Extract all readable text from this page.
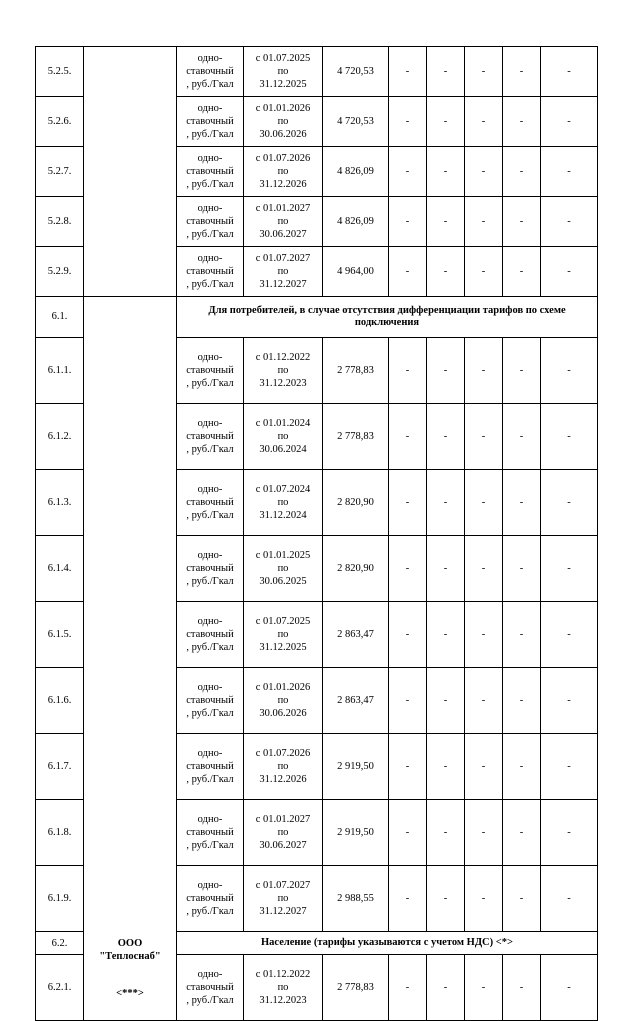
5.2.5.		одно-
ставочный
, руб./Гкал	с 01.07.2025
по
31.12.2025	4 720,53	-	-	-	-	-
5.2.6.		одно-
ставочный
, руб./Гкал	с 01.01.2026
по
30.06.2026	4 720,53	-	-	-	-	-
5.2.7.		одно-
ставочный
, руб./Гкал	с 01.07.2026
по
31.12.2026	4 826,09	-	-	-	-	-
5.2.8.		одно-
ставочный
, руб./Гкал	с 01.01.2027
по
30.06.2027	4 826,09	-	-	-	-	-
5.2.9.		одно-
ставочный
, руб./Гкал	с 01.07.2027
по
31.12.2027	4 964,00	-	-	-	-	-
6.1.	ООО
"Теплоснаб"
<***>	Для потребителей, в случае отсутствия дифференциации тарифов по схеме подключения							
6.1.1.		одно-
ставочный
, руб./Гкал	с 01.12.2022
по
31.12.2023	2 778,83	-	-	-	-	-
6.1.2.		одно-
ставочный
, руб./Гкал	с 01.01.2024
по
30.06.2024	2 778,83	-	-	-	-	-
6.1.3.		одно-
ставочный
, руб./Гкал	с 01.07.2024
по
31.12.2024	2 820,90	-	-	-	-	-
6.1.4.		одно-
ставочный
, руб./Гкал	с 01.01.2025
по
30.06.2025	2 820,90	-	-	-	-	-
6.1.5.		одно-
ставочный
, руб./Гкал	с 01.07.2025
по
31.12.2025	2 863,47	-	-	-	-	-
6.1.6.		одно-
ставочный
, руб./Гкал	с 01.01.2026
по
30.06.2026	2 863,47	-	-	-	-	-
6.1.7.		одно-
ставочный
, руб./Гкал	с 01.07.2026
по
31.12.2026	2 919,50	-	-	-	-	-
6.1.8.		одно-
ставочный
, руб./Гкал	с 01.01.2027
по
30.06.2027	2 919,50	-	-	-	-	-
6.1.9.		одно-
ставочный
, руб./Гкал	с 01.07.2027
по
31.12.2027	2 988,55	-	-	-	-	-
6.2.		Население (тарифы указываются с учетом НДС) <*>							
6.2.1.		одно-
ставочный
, руб./Гкал	с 01.12.2022
по
31.12.2023	2 778,83	-	-	-	-	-
